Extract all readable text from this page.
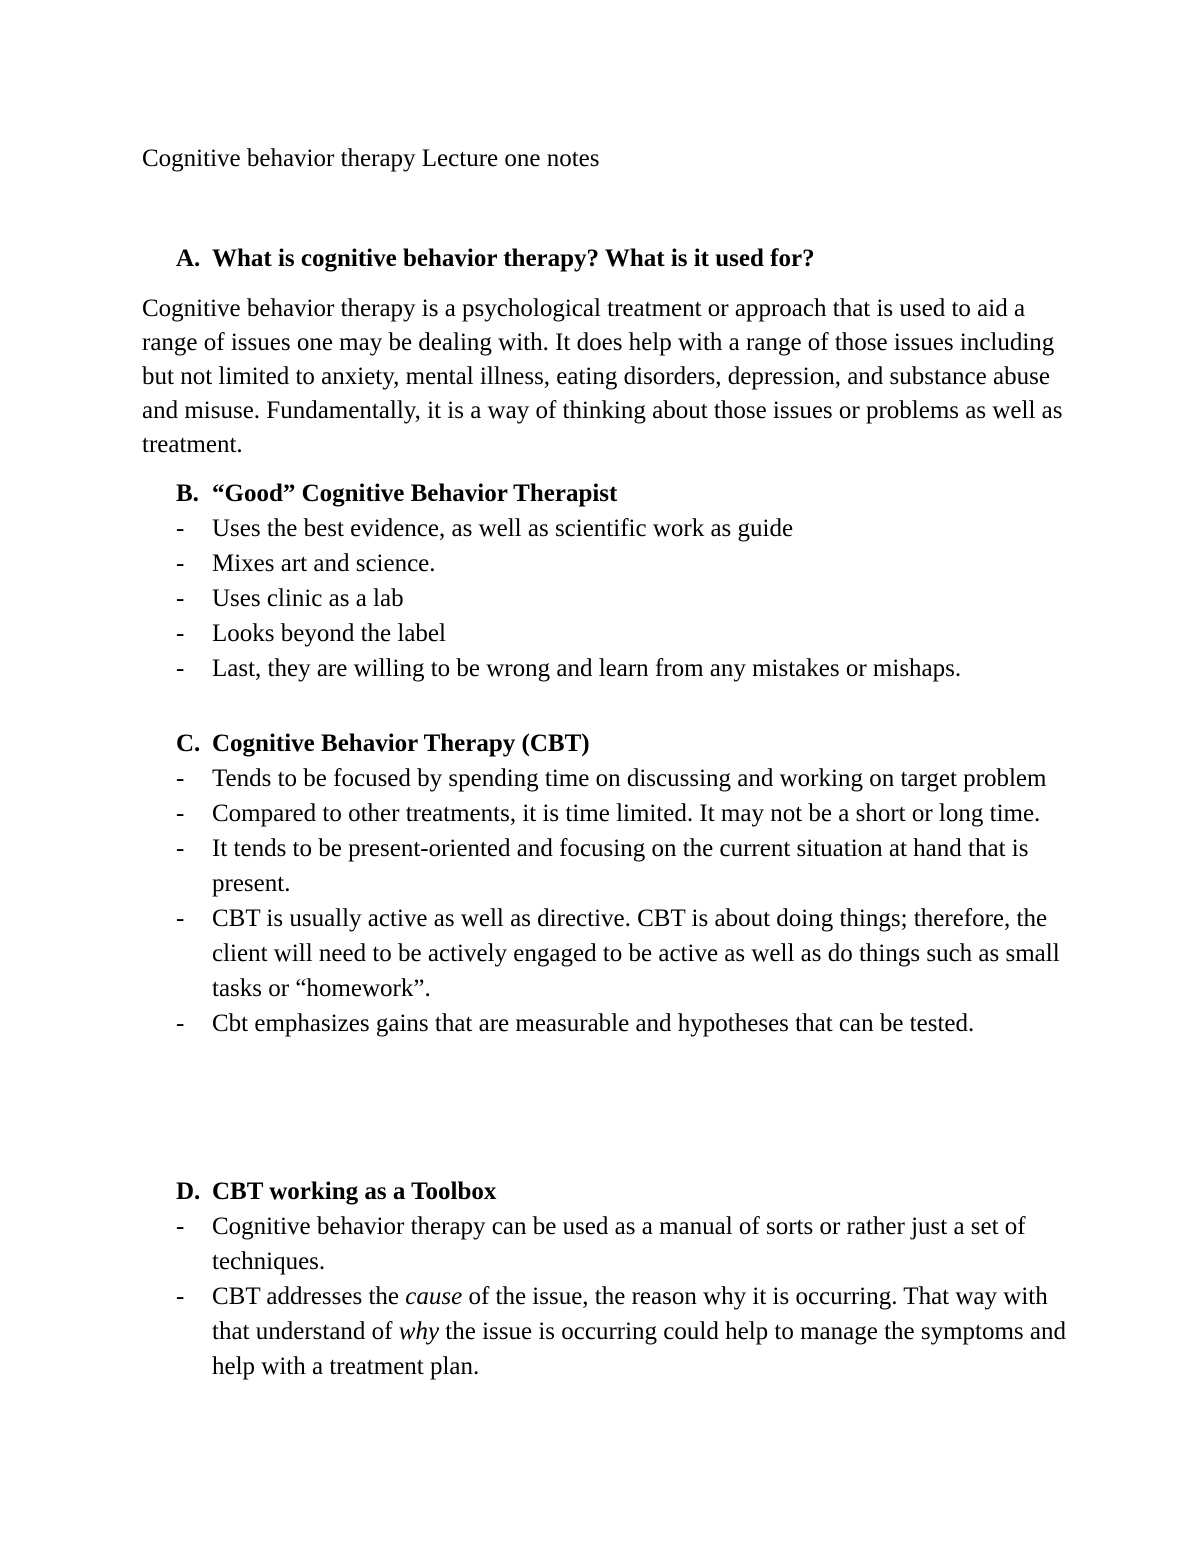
Cognitive behavior therapy Lecture one notes
A. What is cognitive behavior therapy? What is it used for?
Cognitive behavior therapy is a psychological treatment or approach that is used to aid a range of issues one may be dealing with. It does help with a range of those issues including but not limited to anxiety, mental illness, eating disorders, depression, and substance abuse and misuse. Fundamentally, it is a way of thinking about those issues or problems as well as treatment.
B. “Good” Cognitive Behavior Therapist
- Uses the best evidence, as well as scientific work as guide
- Mixes art and science.
- Uses clinic as a lab
- Looks beyond the label
- Last, they are willing to be wrong and learn from any mistakes or mishaps.
C. Cognitive Behavior Therapy (CBT)
- Tends to be focused by spending time on discussing and working on target problem
- Compared to other treatments, it is time limited. It may not be a short or long time.
- It tends to be present-oriented and focusing on the current situation at hand that is present.
- CBT is usually active as well as directive. CBT is about doing things; therefore, the client will need to be actively engaged to be active as well as do things such as small tasks or “homework”.
- Cbt emphasizes gains that are measurable and hypotheses that can be tested.
D. CBT working as a Toolbox
- Cognitive behavior therapy can be used as a manual of sorts or rather just a set of techniques.
- CBT addresses the cause of the issue, the reason why it is occurring. That way with that understand of why the issue is occurring could help to manage the symptoms and help with a treatment plan.
